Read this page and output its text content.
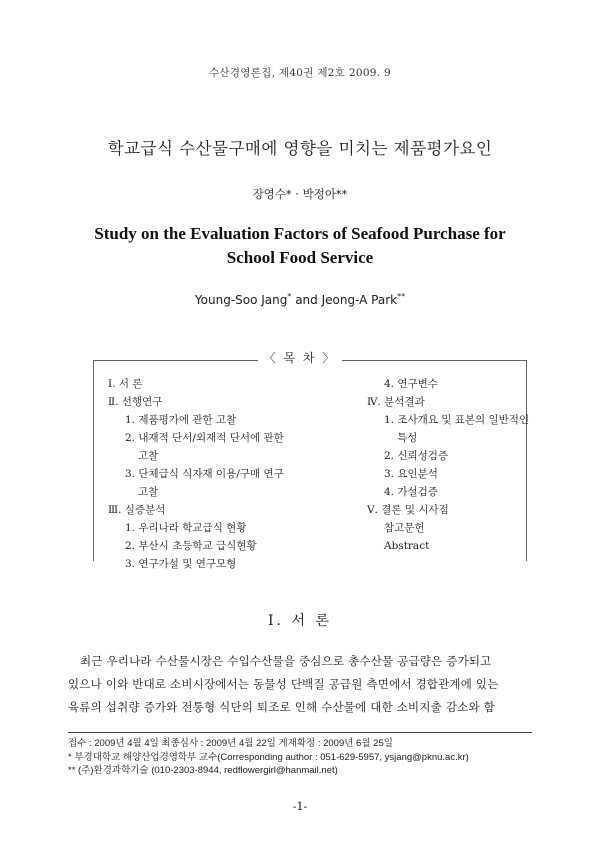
수산경영론집, 제40권 제2호 2009. 9
학교급식 수산물구매에 영향을 미치는 제품평가요인
장영수* · 박정아**
Study on the Evaluation Factors of Seafood Purchase for
School Food Service
Young-Soo Jang* and Jeong-A Park**
〈 목 차 〉
Ⅰ. 서 론
Ⅱ. 선행연구
1. 제품평가에 관한 고찰
2. 내재적 단서/외재적 단서에 관한
고찰
3. 단체급식 식자재 이용/구매 연구
고찰
Ⅲ. 실증분석
1. 우리나라 학교급식 현황
2. 부산시 초등학교 급식현황
3. 연구가설 및 연구모형
4. 연구변수
Ⅳ. 분석결과
1. 조사개요 및 표본의 일반적인
특성
2. 신뢰성검증
3. 요인분석
4. 가설검증
Ⅴ. 결론 및 시사점
참고문헌
Abstract
Ⅰ. 서 론
최근 우리나라 수산물시장은 수입수산물을 중심으로 총수산물 공급량은 증가되고
있으나 이와 반대로 소비시장에서는 동물성 단백질 공급원 측면에서 경합관계에 있는
육류의 섭취량 증가와 전통형 식단의 퇴조로 인해 수산물에 대한 소비지출 감소와 함
접수 : 2009년 4월 4일 최종심사 : 2009년 4월 22일 게재확정 : 2009년 6월 25일
* 부경대학교 해양산업경영학부 교수(Corresponding author : 051-629-5957, ysjang@pknu.ac.kr)
** (주)환경과학기술 (010-2303-8944, redflowergirl@hanmail.net)
-1-
